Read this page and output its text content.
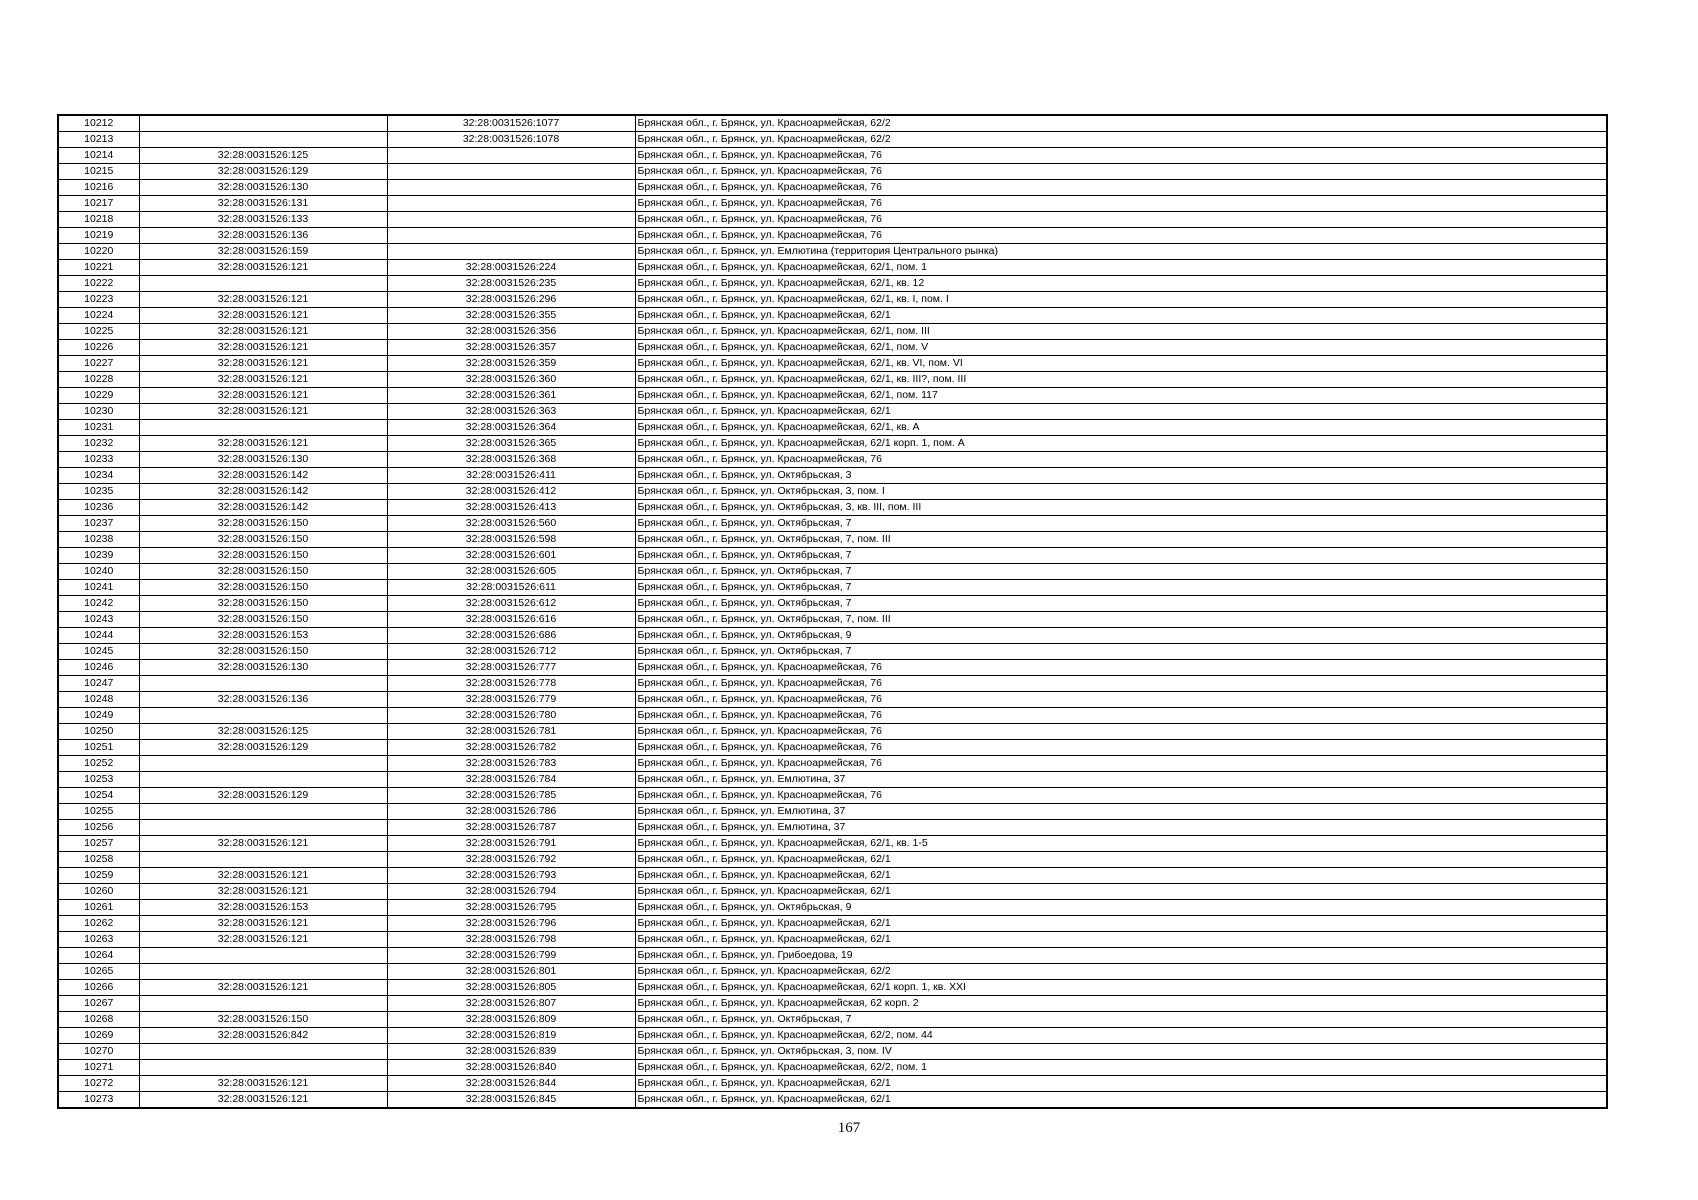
10212		32:28:0031526:1077	Брянская обл., г. Брянск, ул. Красноармейская, 62/2
10213		32:28:0031526:1078	Брянская обл., г. Брянск, ул. Красноармейская, 62/2
10214	32:28:0031526:125		Брянская обл., г. Брянск, ул. Красноармейская, 76
10215	32:28:0031526:129		Брянская обл., г. Брянск, ул. Красноармейская, 76
10216	32:28:0031526:130		Брянская обл., г. Брянск, ул. Красноармейская, 76
10217	32:28:0031526:131		Брянская обл., г. Брянск, ул. Красноармейская, 76
10218	32:28:0031526:133		Брянская обл., г. Брянск, ул. Красноармейская, 76
10219	32:28:0031526:136		Брянская обл., г. Брянск, ул. Красноармейская, 76
10220	32:28:0031526:159		Брянская обл., г. Брянск, ул. Емлютина (территория Центрального рынка)
10221	32:28:0031526:121	32:28:0031526:224	Брянская обл., г. Брянск, ул. Красноармейская, 62/1, пом. 1
10222		32:28:0031526:235	Брянская обл., г. Брянск, ул. Красноармейская, 62/1, кв. 12
10223	32:28:0031526:121	32:28:0031526:296	Брянская обл., г. Брянск, ул. Красноармейская, 62/1, кв. I, пом. I
10224	32:28:0031526:121	32:28:0031526:355	Брянская обл., г. Брянск, ул. Красноармейская, 62/1
10225	32:28:0031526:121	32:28:0031526:356	Брянская обл., г. Брянск, ул. Красноармейская, 62/1, пом. III
10226	32:28:0031526:121	32:28:0031526:357	Брянская обл., г. Брянск, ул. Красноармейская, 62/1, пом. V
10227	32:28:0031526:121	32:28:0031526:359	Брянская обл., г. Брянск, ул. Красноармейская, 62/1, кв. VI, пом. VI
10228	32:28:0031526:121	32:28:0031526:360	Брянская обл., г. Брянск, ул. Красноармейская, 62/1, кв. III?, пом. III
10229	32:28:0031526:121	32:28:0031526:361	Брянская обл., г. Брянск, ул. Красноармейская, 62/1, пом. 117
10230	32:28:0031526:121	32:28:0031526:363	Брянская обл., г. Брянск, ул. Красноармейская, 62/1
10231		32:28:0031526:364	Брянская обл., г. Брянск, ул. Красноармейская, 62/1, кв. А
10232	32:28:0031526:121	32:28:0031526:365	Брянская обл., г. Брянск, ул. Красноармейская, 62/1 корп. 1, пом. А
10233	32:28:0031526:130	32:28:0031526:368	Брянская обл., г. Брянск, ул. Красноармейская, 76
10234	32:28:0031526:142	32:28:0031526:411	Брянская обл., г. Брянск, ул. Октябрьская, 3
10235	32:28:0031526:142	32:28:0031526:412	Брянская обл., г. Брянск, ул. Октябрьская, 3, пом. I
10236	32:28:0031526:142	32:28:0031526:413	Брянская обл., г. Брянск, ул. Октябрьская, 3, кв. III, пом. III
10237	32:28:0031526:150	32:28:0031526:560	Брянская обл., г. Брянск, ул. Октябрьская, 7
10238	32:28:0031526:150	32:28:0031526:598	Брянская обл., г. Брянск, ул. Октябрьская, 7, пом. III
10239	32:28:0031526:150	32:28:0031526:601	Брянская обл., г. Брянск, ул. Октябрьская, 7
10240	32:28:0031526:150	32:28:0031526:605	Брянская обл., г. Брянск, ул. Октябрьская, 7
10241	32:28:0031526:150	32:28:0031526:611	Брянская обл., г. Брянск, ул. Октябрьская, 7
10242	32:28:0031526:150	32:28:0031526:612	Брянская обл., г. Брянск, ул. Октябрьская, 7
10243	32:28:0031526:150	32:28:0031526:616	Брянская обл., г. Брянск, ул. Октябрьская, 7, пом. III
10244	32:28:0031526:153	32:28:0031526:686	Брянская обл., г. Брянск, ул. Октябрьская, 9
10245	32:28:0031526:150	32:28:0031526:712	Брянская обл., г. Брянск, ул. Октябрьская, 7
10246	32:28:0031526:130	32:28:0031526:777	Брянская обл., г. Брянск, ул. Красноармейская, 76
10247		32:28:0031526:778	Брянская обл., г. Брянск, ул. Красноармейская, 76
10248	32:28:0031526:136	32:28:0031526:779	Брянская обл., г. Брянск, ул. Красноармейская, 76
10249		32:28:0031526:780	Брянская обл., г. Брянск, ул. Красноармейская, 76
10250	32:28:0031526:125	32:28:0031526:781	Брянская обл., г. Брянск, ул. Красноармейская, 76
10251	32:28:0031526:129	32:28:0031526:782	Брянская обл., г. Брянск, ул. Красноармейская, 76
10252		32:28:0031526:783	Брянская обл., г. Брянск, ул. Красноармейская, 76
10253		32:28:0031526:784	Брянская обл., г. Брянск, ул. Емлютина, 37
10254	32:28:0031526:129	32:28:0031526:785	Брянская обл., г. Брянск, ул. Красноармейская, 76
10255		32:28:0031526:786	Брянская обл., г. Брянск, ул. Емлютина, 37
10256		32:28:0031526:787	Брянская обл., г. Брянск, ул. Емлютина, 37
10257	32:28:0031526:121	32:28:0031526:791	Брянская обл., г. Брянск, ул. Красноармейская, 62/1, кв. 1-5
10258		32:28:0031526:792	Брянская обл., г. Брянск, ул. Красноармейская, 62/1
10259	32:28:0031526:121	32:28:0031526:793	Брянская обл., г. Брянск, ул. Красноармейская, 62/1
10260	32:28:0031526:121	32:28:0031526:794	Брянская обл., г. Брянск, ул. Красноармейская, 62/1
10261	32:28:0031526:153	32:28:0031526:795	Брянская обл., г. Брянск, ул. Октябрьская, 9
10262	32:28:0031526:121	32:28:0031526:796	Брянская обл., г. Брянск, ул. Красноармейская, 62/1
10263	32:28:0031526:121	32:28:0031526:798	Брянская обл., г. Брянск, ул. Красноармейская, 62/1
10264		32:28:0031526:799	Брянская обл., г. Брянск, ул. Грибоедова, 19
10265		32:28:0031526:801	Брянская обл., г. Брянск, ул. Красноармейская, 62/2
10266	32:28:0031526:121	32:28:0031526:805	Брянская обл., г. Брянск, ул. Красноармейская, 62/1 корп. 1, кв. XXI
10267		32:28:0031526:807	Брянская обл., г. Брянск, ул. Красноармейская, 62 корп. 2
10268	32:28:0031526:150	32:28:0031526:809	Брянская обл., г. Брянск, ул. Октябрьская, 7
10269	32:28:0031526:842	32:28:0031526:819	Брянская обл., г. Брянск, ул. Красноармейская, 62/2, пом. 44
10270		32:28:0031526:839	Брянская обл., г. Брянск, ул. Октябрьская, 3, пом. IV
10271		32:28:0031526:840	Брянская обл., г. Брянск, ул. Красноармейская, 62/2, пом. 1
10272	32:28:0031526:121	32:28:0031526:844	Брянская обл., г. Брянск, ул. Красноармейская, 62/1
10273	32:28:0031526:121	32:28:0031526:845	Брянская обл., г. Брянск, ул. Красноармейская, 62/1
167
